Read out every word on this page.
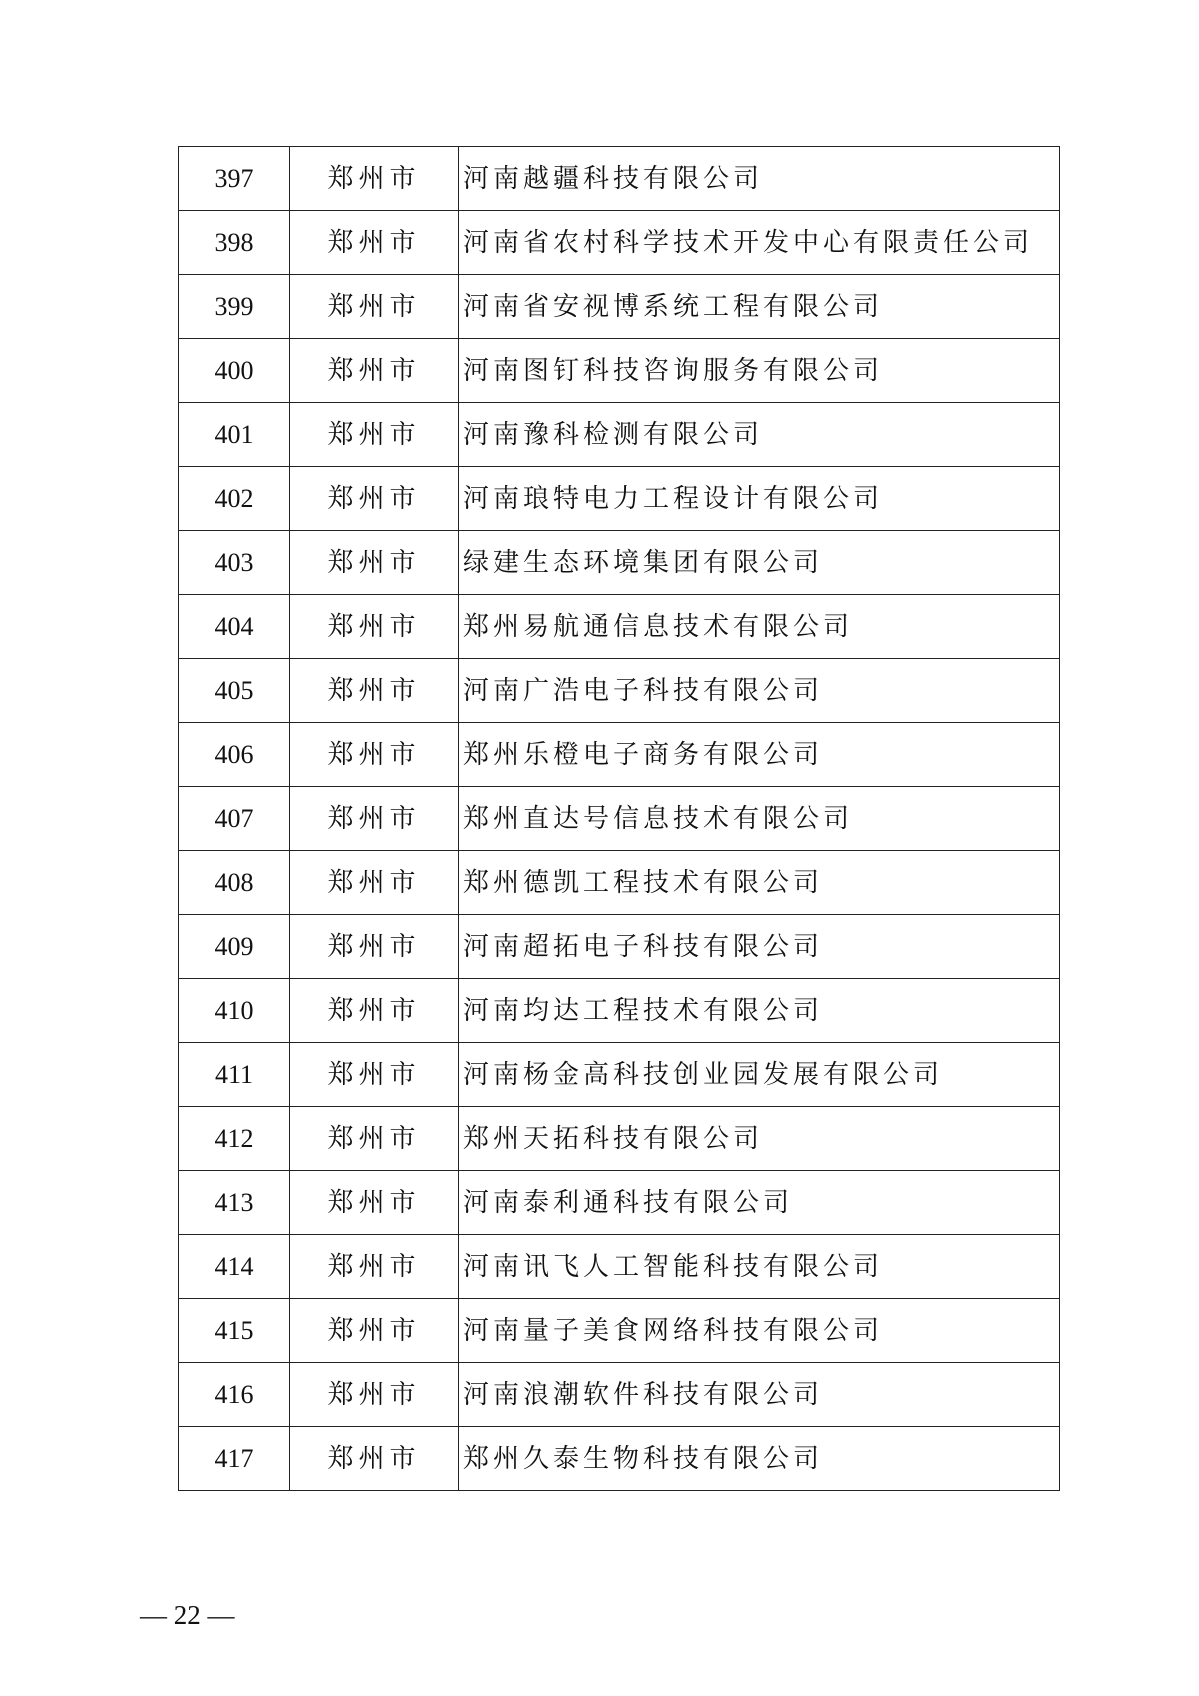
397	郑州市	河南越疆科技有限公司
398	郑州市	河南省农村科学技术开发中心有限责任公司
399	郑州市	河南省安视博系统工程有限公司
400	郑州市	河南图钉科技咨询服务有限公司
401	郑州市	河南豫科检测有限公司
402	郑州市	河南琅特电力工程设计有限公司
403	郑州市	绿建生态环境集团有限公司
404	郑州市	郑州易航通信息技术有限公司
405	郑州市	河南广浩电子科技有限公司
406	郑州市	郑州乐橙电子商务有限公司
407	郑州市	郑州直达号信息技术有限公司
408	郑州市	郑州德凯工程技术有限公司
409	郑州市	河南超拓电子科技有限公司
410	郑州市	河南均达工程技术有限公司
411	郑州市	河南杨金高科技创业园发展有限公司
412	郑州市	郑州天拓科技有限公司
413	郑州市	河南泰利通科技有限公司
414	郑州市	河南讯飞人工智能科技有限公司
415	郑州市	河南量子美食网络科技有限公司
416	郑州市	河南浪潮软件科技有限公司
417	郑州市	郑州久泰生物科技有限公司
— 22 —
